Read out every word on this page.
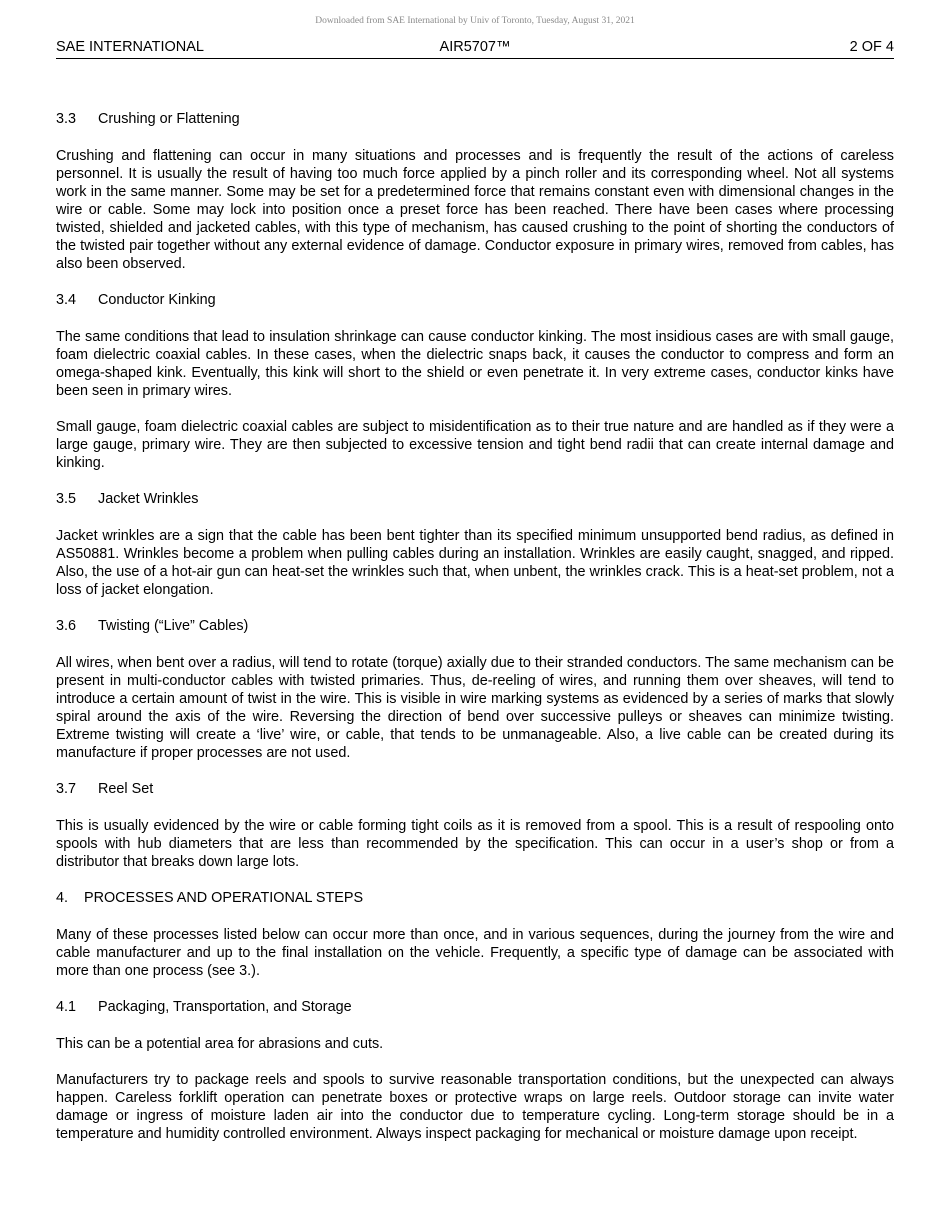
Downloaded from SAE International by Univ of Toronto, Tuesday, August 31, 2021
SAE INTERNATIONAL	AIR5707™	2 OF 4
3.3 Crushing or Flattening

Crushing and flattening can occur in many situations and processes and is frequently the result of the actions of careless personnel. It is usually the result of having too much force applied by a pinch roller and its corresponding wheel. Not all systems work in the same manner. Some may be set for a predetermined force that remains constant even with dimensional changes in the wire or cable. Some may lock into position once a preset force has been reached. There have been cases where processing twisted, shielded and jacketed cables, with this type of mechanism, has caused crushing to the point of shorting the conductors of the twisted pair together without any external evidence of damage. Conductor exposure in primary wires, removed from cables, has also been observed.

3.4 Conductor Kinking

The same conditions that lead to insulation shrinkage can cause conductor kinking. The most insidious cases are with small gauge, foam dielectric coaxial cables. In these cases, when the dielectric snaps back, it causes the conductor to compress and form an omega-shaped kink. Eventually, this kink will short to the shield or even penetrate it. In very extreme cases, conductor kinks have been seen in primary wires.

Small gauge, foam dielectric coaxial cables are subject to misidentification as to their true nature and are handled as if they were a large gauge, primary wire. They are then subjected to excessive tension and tight bend radii that can create internal damage and kinking.

3.5 Jacket Wrinkles

Jacket wrinkles are a sign that the cable has been bent tighter than its specified minimum unsupported bend radius, as defined in AS50881. Wrinkles become a problem when pulling cables during an installation. Wrinkles are easily caught, snagged, and ripped. Also, the use of a hot-air gun can heat-set the wrinkles such that, when unbent, the wrinkles crack. This is a heat-set problem, not a loss of jacket elongation.

3.6 Twisting (“Live” Cables)

All wires, when bent over a radius, will tend to rotate (torque) axially due to their stranded conductors. The same mechanism can be present in multi-conductor cables with twisted primaries. Thus, de-reeling of wires, and running them over sheaves, will tend to introduce a certain amount of twist in the wire. This is visible in wire marking systems as evidenced by a series of marks that slowly spiral around the axis of the wire. Reversing the direction of bend over successive pulleys or sheaves can minimize twisting. Extreme twisting will create a ‘live’ wire, or cable, that tends to be unmanageable. Also, a live cable can be created during its manufacture if proper processes are not used.

3.7 Reel Set

This is usually evidenced by the wire or cable forming tight coils as it is removed from a spool. This is a result of respooling onto spools with hub diameters that are less than recommended by the specification. This can occur in a user’s shop or from a distributor that breaks down large lots.

4. PROCESSES AND OPERATIONAL STEPS

Many of these processes listed below can occur more than once, and in various sequences, during the journey from the wire and cable manufacturer and up to the final installation on the vehicle. Frequently, a specific type of damage can be associated with more than one process (see 3.).

4.1 Packaging, Transportation, and Storage

This can be a potential area for abrasions and cuts.

Manufacturers try to package reels and spools to survive reasonable transportation conditions, but the unexpected can always happen. Careless forklift operation can penetrate boxes or protective wraps on large reels. Outdoor storage can invite water damage or ingress of moisture laden air into the conductor due to temperature cycling. Long-term storage should be in a temperature and humidity controlled environment. Always inspect packaging for mechanical or moisture damage upon receipt.
